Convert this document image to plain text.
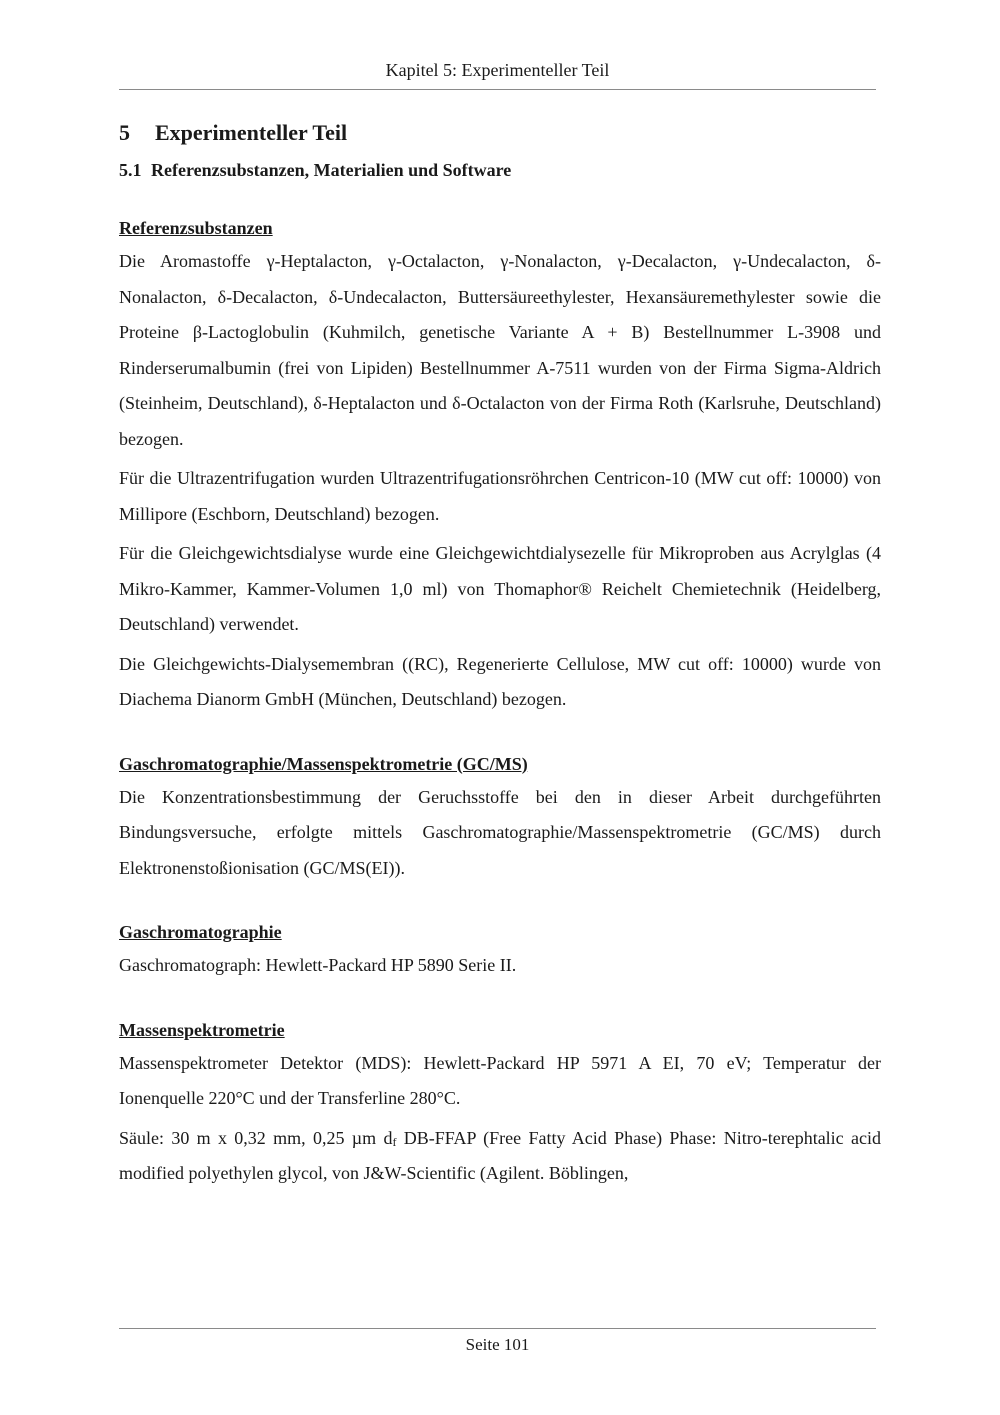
Kapitel 5: Experimenteller Teil
5	Experimenteller Teil
5.1 Referenzsubstanzen, Materialien und Software
Referenzsubstanzen

Die Aromastoffe γ-Heptalacton, γ-Octalacton, γ-Nonalacton, γ-Decalacton, γ-Undecalacton, δ-Nonalacton, δ-Decalacton, δ-Undecalacton, Buttersäureethylester, Hexansäuremethylester sowie die Proteine β-Lactoglobulin (Kuhmilch, genetische Variante A + B) Bestellnummer L-3908 und Rinderserumalbumin (frei von Lipiden) Bestellnummer A-7511 wurden von der Firma Sigma-Aldrich (Steinheim, Deutschland), δ-Heptalacton und δ-Octalacton von der Firma Roth (Karlsruhe, Deutschland) bezogen.

Für die Ultrazentrifugation wurden Ultrazentrifugationsröhrchen Centricon-10 (MW cut off: 10000) von Millipore (Eschborn, Deutschland) bezogen.

Für die Gleichgewichtsdialyse wurde eine Gleichgewichtdialysezelle für Mikroproben aus Acrylglas (4 Mikro-Kammer, Kammer-Volumen 1,0 ml) von Thomaphor® Reichelt Chemietechnik (Heidelberg, Deutschland) verwendet.

Die Gleichgewichts-Dialysemembran ((RC), Regenerierte Cellulose, MW cut off: 10000) wurde von Diachema Dianorm GmbH (München, Deutschland) bezogen.

Gaschromatographie/Massenspektrometrie (GC/MS)

Die Konzentrationsbestimmung der Geruchsstoffe bei den in dieser Arbeit durchgeführten Bindungsversuche, erfolgte mittels Gaschromatographie/Massenspektrometrie (GC/MS) durch Elektronenstoßionisation (GC/MS(EI)).

Gaschromatographie

Gaschromatograph: Hewlett-Packard HP 5890 Serie II.

Massenspektrometrie

Massenspektrometer Detektor (MDS): Hewlett-Packard HP 5971 A EI, 70 eV; Temperatur der Ionenquelle 220°C und der Transferline 280°C.

Säule: 30 m x 0,32 mm, 0,25 µm $d_f$ DB-FFAP (Free Fatty Acid Phase) Phase: Nitro-terephtalic acid modified polyethylen glycol, von J&W-Scientific (Agilent. Böblingen,

Seite 101
